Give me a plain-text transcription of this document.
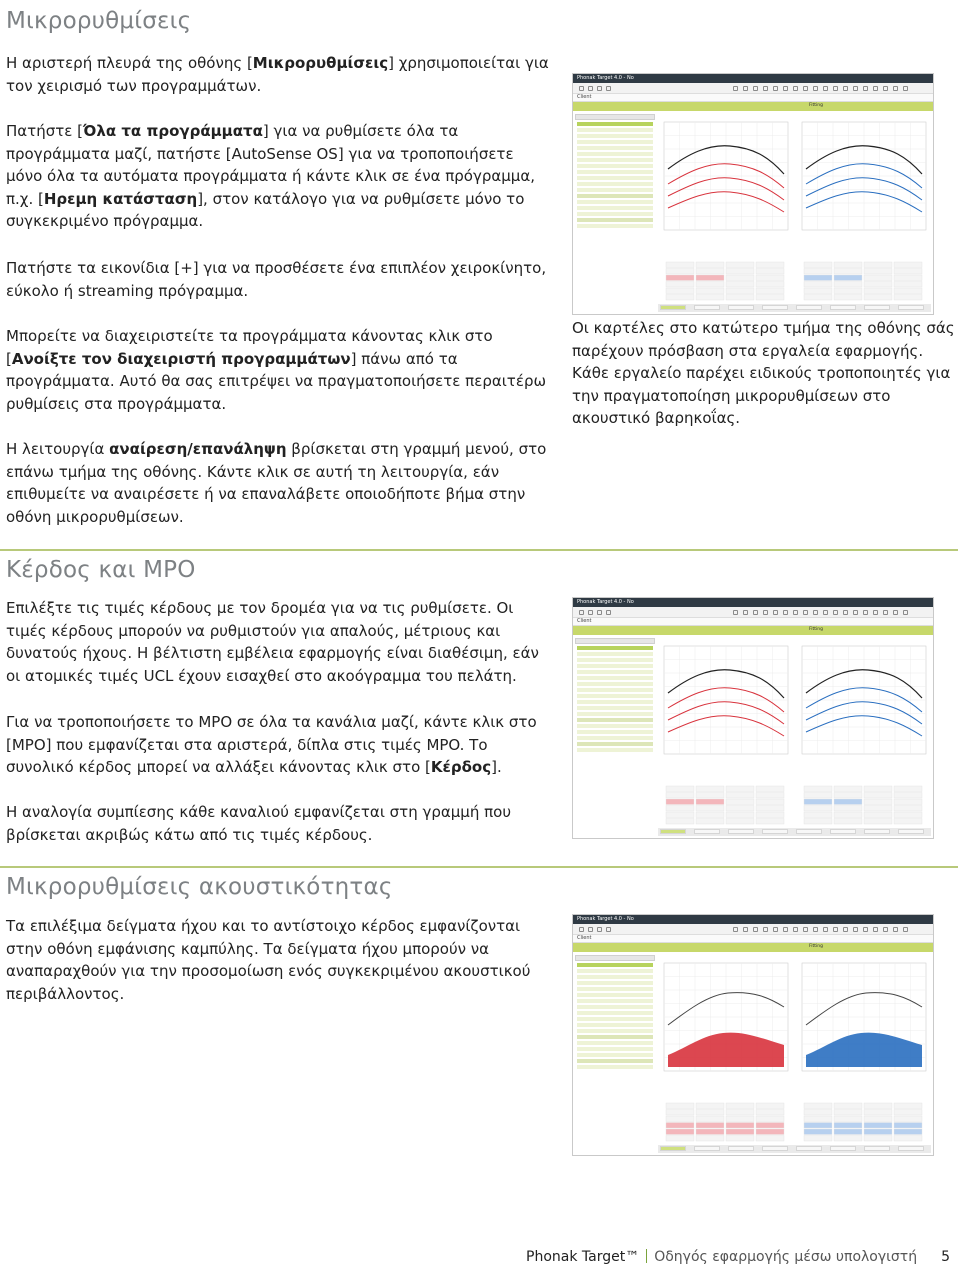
Μικρορυθμίσεις
Η αριστερή πλευρά της οθόνης [Μικρορυθμίσεις] χρησιμοποιείται για τον χειρισμό των προγραμμάτων.
Πατήστε [Όλα τα προγράμματα] για να ρυθμίσετε όλα τα προγράμματα μαζί, πατήστε [AutoSense OS] για να τροποποιήσετε μόνο όλα τα αυτόματα προγράμματα ή κάντε κλικ σε ένα πρόγραμμα, π.χ. [Ηρεμη κατάσταση], στον κατάλογο για να ρυθμίσετε μόνο το συγκεκριμένο πρόγραμμα.
Πατήστε τα εικονίδια [+] για να προσθέσετε ένα επιπλέον χειροκίνητο, εύκολο ή streaming πρόγραμμα.
Μπορείτε να διαχειριστείτε τα προγράμματα κάνοντας κλικ στο [Ανοίξτε τον διαχειριστή προγραμμάτων] πάνω από τα προγράμματα. Αυτό θα σας επιτρέψει να πραγματοποιήσετε περαιτέρω ρυθμίσεις στα προγράμματα.
Η λειτουργία αναίρεση/επανάληψη βρίσκεται στη γραμμή μενού, στο επάνω τμήμα της οθόνης. Κάντε κλικ σε αυτή τη λειτουργία, εάν επιθυμείτε να αναιρέσετε ή να επαναλάβετε οποιοδήποτε βήμα στην οθόνη μικρορυθμίσεων.
Κέρδος και MPO
Επιλέξτε τις τιμές κέρδους με τον δρομέα για να τις ρυθμίσετε. Οι τιμές κέρδους μπορούν να ρυθμιστούν για απαλούς, μέτριους και δυνατούς ήχους. Η βέλτιστη εμβέλεια εφαρμογής είναι διαθέσιμη, εάν οι ατομικές τιμές UCL έχουν εισαχθεί στο ακοόγραμμα του πελάτη.
Για να τροποποιήσετε το MPO σε όλα τα κανάλια μαζί, κάντε κλικ στο [MPO] που εμφανίζεται στα αριστερά, δίπλα στις τιμές MPO. Το συνολικό κέρδος μπορεί να αλλάξει κάνοντας κλικ στο [Κέρδος].
Η αναλογία συμπίεσης κάθε καναλιού εμφανίζεται στη γραμμή που βρίσκεται ακριβώς κάτω από τις τιμές κέρδους.
Μικρορυθμίσεις ακουστικότητας
Τα επιλέξιμα δείγματα ήχου και το αντίστοιχο κέρδος εμφανίζονται στην οθόνη εμφάνισης καμπύλης. Τα δείγματα ήχου μπορούν να αναπαραχθούν για την προσομοίωση ενός συγκεκριμένου ακουστικού περιβάλλοντος.
Οι καρτέλες στο κατώτερο τμήμα της οθόνης σάς παρέχουν πρόσβαση στα εργαλεία εφαρμογής. Κάθε εργαλείο παρέχει ειδικούς τροποποιητές για την πραγματοποίηση μικρορυθμίσεων στο ακουστικό βαρηκοΐας.
Phonak Target 4.0 - No
Client
Fitting
Phonak Target 4.0 - No
Client
Fitting
Phonak Target 4.0 - No
Client
Fitting
Phonak Target™ Οδηγός εφαρμογής μέσω υπολογιστή 5
